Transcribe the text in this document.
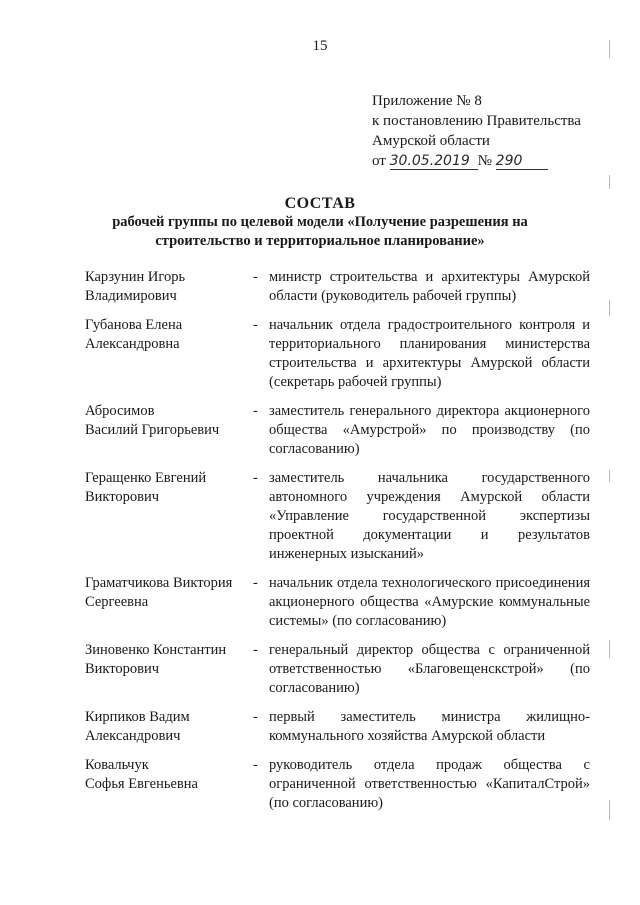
15
Приложение № 8
к постановлению Правительства
Амурской области
от 30.05.2019 № 290
СОСТАВ
рабочей группы по целевой модели «Получение разрешения на строительство и территориальное планирование»
Карзунин Игорь
Владимирович
- министр строительства и архитектуры Амурской области (руководитель рабочей группы)
Губанова Елена
Александровна
- начальник отдела градостроительного контроля и территориального планирования министерства строительства и архитектуры Амурской области (секретарь рабочей группы)
Абросимов
Василий Григорьевич
- заместитель генерального директора акционерного общества «Амурстрой» по производству (по согласованию)
Геращенко Евгений
Викторович
- заместитель начальника государственного автономного учреждения Амурской области «Управление государственной экспертизы проектной документации и результатов инженерных изысканий»
Граматчикова Виктория
Сергеевна
- начальник отдела технологического присоединения акционерного общества «Амурские коммунальные системы» (по согласованию)
Зиновенко Константин
Викторович
- генеральный директор общества с ограниченной ответственностью «Благовещенскстрой» (по согласованию)
Кирпиков Вадим
Александрович
- первый заместитель министра жилищно-коммунального хозяйства Амурской области
Ковальчук
Софья Евгеньевна
- руководитель отдела продаж общества с ограниченной ответственностью «КапиталСтрой» (по согласованию)
